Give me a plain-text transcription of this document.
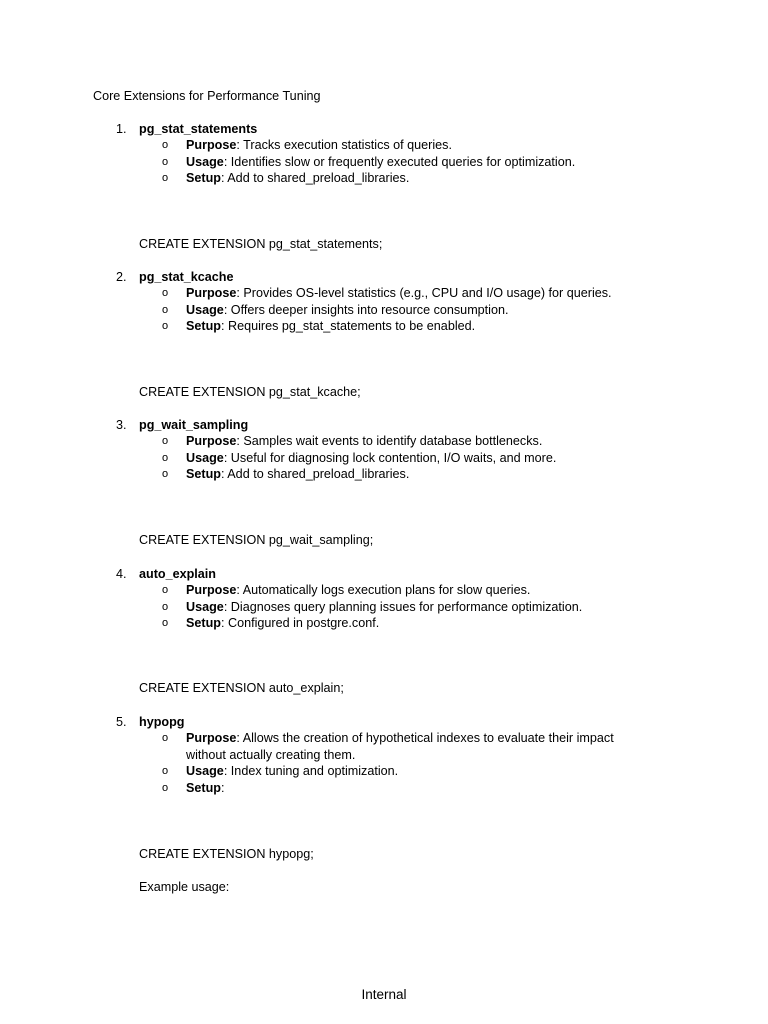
Core Extensions for Performance Tuning
1. pg_stat_statements
o Purpose: Tracks execution statistics of queries.
o Usage: Identifies slow or frequently executed queries for optimization.
o Setup: Add to shared_preload_libraries.
CREATE EXTENSION pg_stat_statements;
2. pg_stat_kcache
o Purpose: Provides OS-level statistics (e.g., CPU and I/O usage) for queries.
o Usage: Offers deeper insights into resource consumption.
o Setup: Requires pg_stat_statements to be enabled.
CREATE EXTENSION pg_stat_kcache;
3. pg_wait_sampling
o Purpose: Samples wait events to identify database bottlenecks.
o Usage: Useful for diagnosing lock contention, I/O waits, and more.
o Setup: Add to shared_preload_libraries.
CREATE EXTENSION pg_wait_sampling;
4. auto_explain
o Purpose: Automatically logs execution plans for slow queries.
o Usage: Diagnoses query planning issues for performance optimization.
o Setup: Configured in postgre.conf.
CREATE EXTENSION auto_explain;
5. hypopg
o Purpose: Allows the creation of hypothetical indexes to evaluate their impact without actually creating them.
o Usage: Index tuning and optimization.
o Setup:
CREATE EXTENSION hypopg;
Example usage:
Internal
